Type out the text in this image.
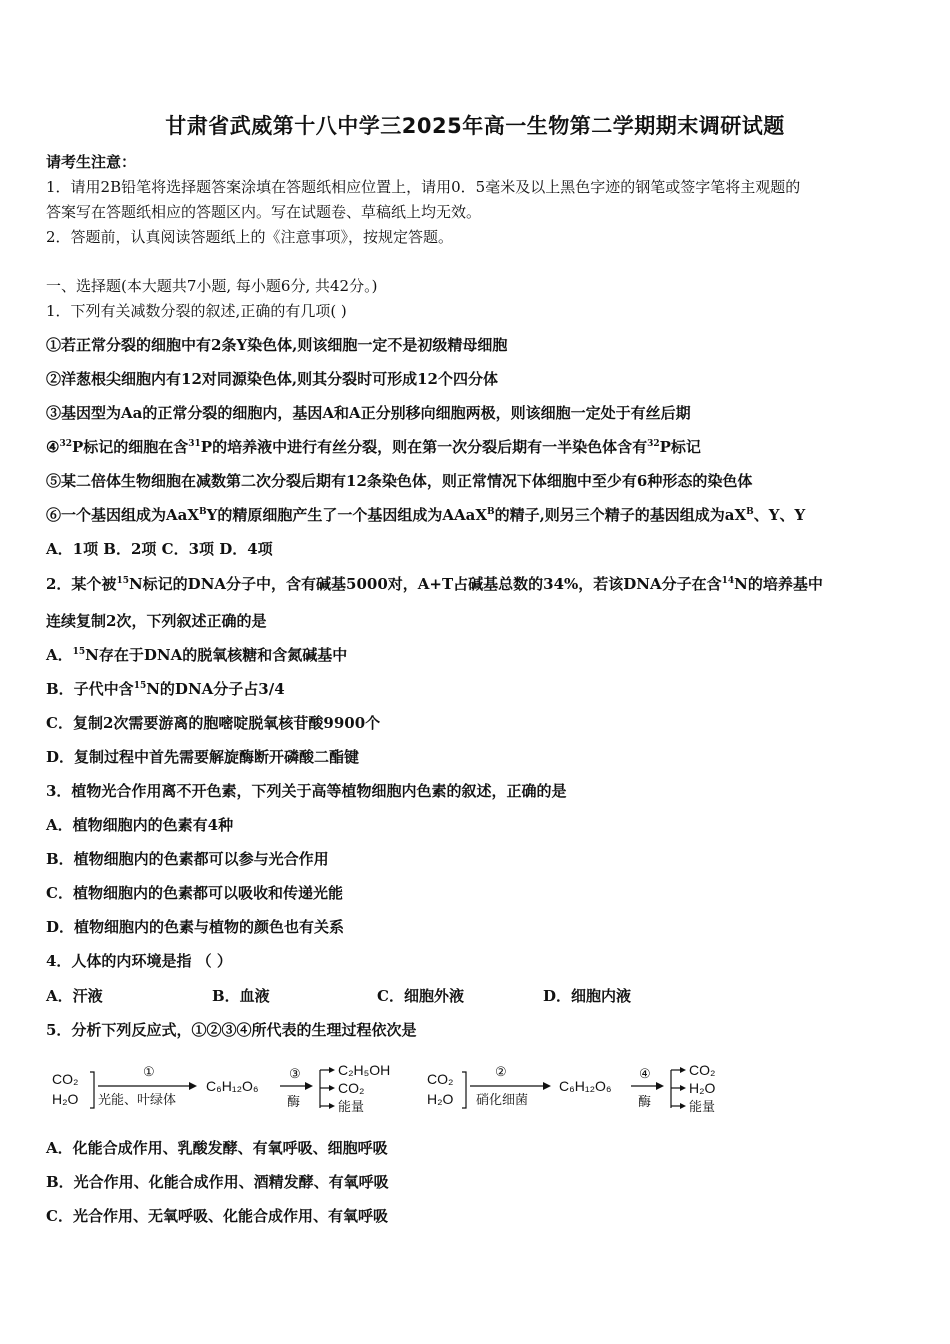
甘肃省武威第十八中学三2025年高一生物第二学期期末调研试题
请考生注意：
1．请用2B铅笔将选择题答案涂填在答题纸相应位置上，请用0．5毫米及以上黑色字迹的钢笔或签字笔将主观题的
答案写在答题纸相应的答题区内。写在试题卷、草稿纸上均无效。
2．答题前，认真阅读答题纸上的《注意事项》，按规定答题。
一、选择题(本大题共7小题, 每小题6分, 共42分。)
1．下列有关减数分裂的叙述,正确的有几项( )
①若正常分裂的细胞中有2条Y染色体,则该细胞一定不是初级精母细胞
②洋葱根尖细胞内有12对同源染色体,则其分裂时可形成12个四分体
③基因型为Aa的正常分裂的细胞内，基因A和A正分别移向细胞两极，则该细胞一定处于有丝后期
④$^{32}$P标记的细胞在含$^{31}$P的培养液中进行有丝分裂，则在第一次分裂后期有一半染色体含有$^{32}$P标记
⑤某二倍体生物细胞在减数第二次分裂后期有12条染色体，则正常情况下体细胞中至少有6种形态的染色体
⑥一个基因组成为AaX$^B$Y的精原细胞产生了一个基因组成为AAaX$^B$的精子,则另三个精子的基因组成为$aX^B$、Y、Y
A．1项 B．2项 C．3项 D．4项
2．某个被$^{15}$N标记的DNA分子中，含有碱基5000对，A+T占碱基总数的34%，若该DNA分子在含$^{14}$N的培养基中
连续复制2次，下列叙述正确的是
A．$^{15}$N存在于DNA的脱氧核糖和含氮碱基中
B．子代中含$^{15}$N的DNA分子占3/4
C．复制2次需要游离的胞嘧啶脱氧核苷酸9900个
D．复制过程中首先需要解旋酶断开磷酸二酯键
3．植物光合作用离不开色素，下列关于高等植物细胞内色素的叙述，正确的是
A．植物细胞内的色素有4种
B．植物细胞内的色素都可以参与光合作用
C．植物细胞内的色素都可以吸收和传递光能
D．植物细胞内的色素与植物的颜色也有关系
4．人体的内环境是指 （ ）
A．汗液	B．血液	C．细胞外液	D．细胞内液
5．分析下列反应式，①②③④所代表的生理过程依次是
CO₂
H₂O
①
光能、叶绿体
C₆H₁₂O₆
③
酶
C₂H₅OH
CO₂
能量
CO₂
H₂O
②
硝化细菌
C₆H₁₂O₆
④
酶
CO₂
H₂O
能量
A．化能合成作用、乳酸发酵、有氧呼吸、细胞呼吸
B．光合作用、化能合成作用、酒精发酵、有氧呼吸
C．光合作用、无氧呼吸、化能合成作用、有氧呼吸
